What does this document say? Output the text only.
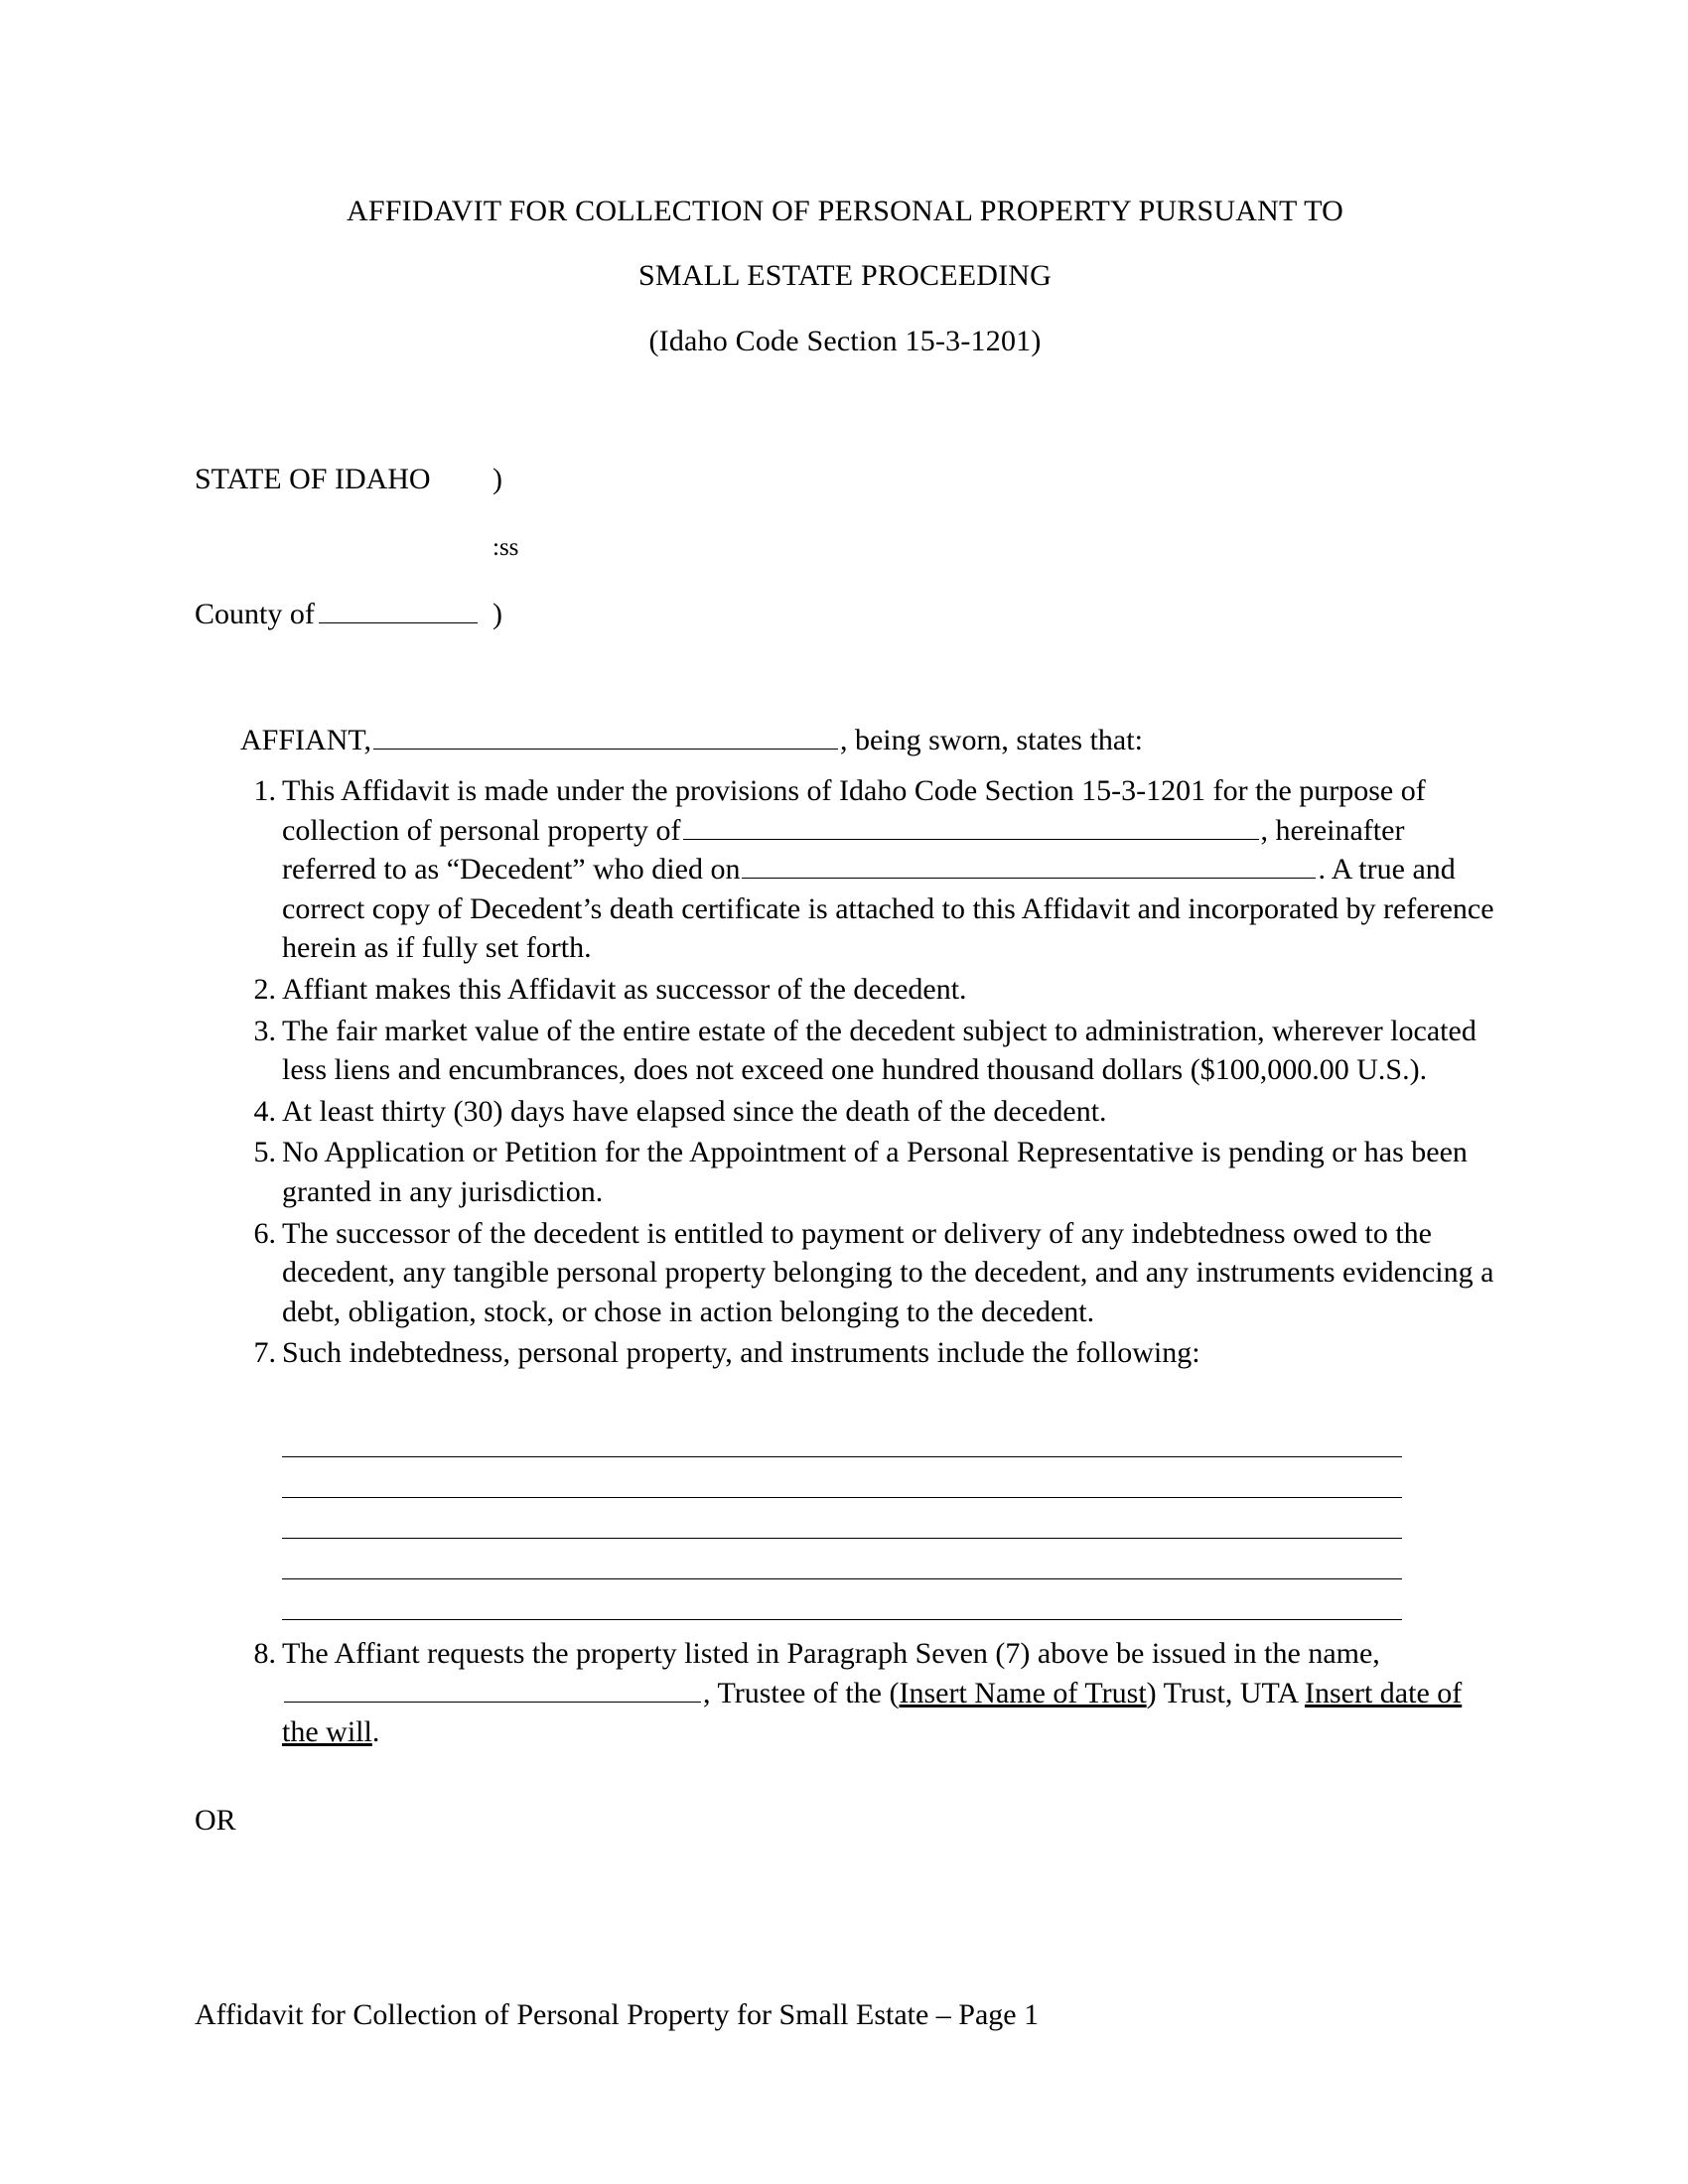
AFFIDAVIT FOR COLLECTION OF PERSONAL PROPERTY PURSUANT TO
SMALL ESTATE PROCEEDING
(Idaho Code Section 15-3-1201)
STATE OF IDAHO	)
:ss
County of	)
AFFIANT,	, being sworn, states that:
1. This Affidavit is made under the provisions of Idaho Code Section 15-3-1201 for the purpose of collection of personal property of	, hereinafter referred to as “Decedent” who died on	. A true and correct copy of Decedent’s death certificate is attached to this Affidavit and incorporated by reference herein as if fully set forth.
2. Affiant makes this Affidavit as successor of the decedent.
3. The fair market value of the entire estate of the decedent subject to administration, wherever located less liens and encumbrances, does not exceed one hundred thousand dollars ($100,000.00 U.S.).
4. At least thirty (30) days have elapsed since the death of the decedent.
5. No Application or Petition for the Appointment of a Personal Representative is pending or has been granted in any jurisdiction.
6. The successor of the decedent is entitled to payment or delivery of any indebtedness owed to the decedent, any tangible personal property belonging to the decedent, and any instruments evidencing a debt, obligation, stock, or chose in action belonging to the decedent.
7. Such indebtedness, personal property, and instruments include the following:
8. The Affiant requests the property listed in Paragraph Seven (7) above be issued in the name,, Trustee of the (Insert Name of Trust) Trust, UTA Insert date of the will.
OR
Affidavit for Collection of Personal Property for Small Estate – Page 1
